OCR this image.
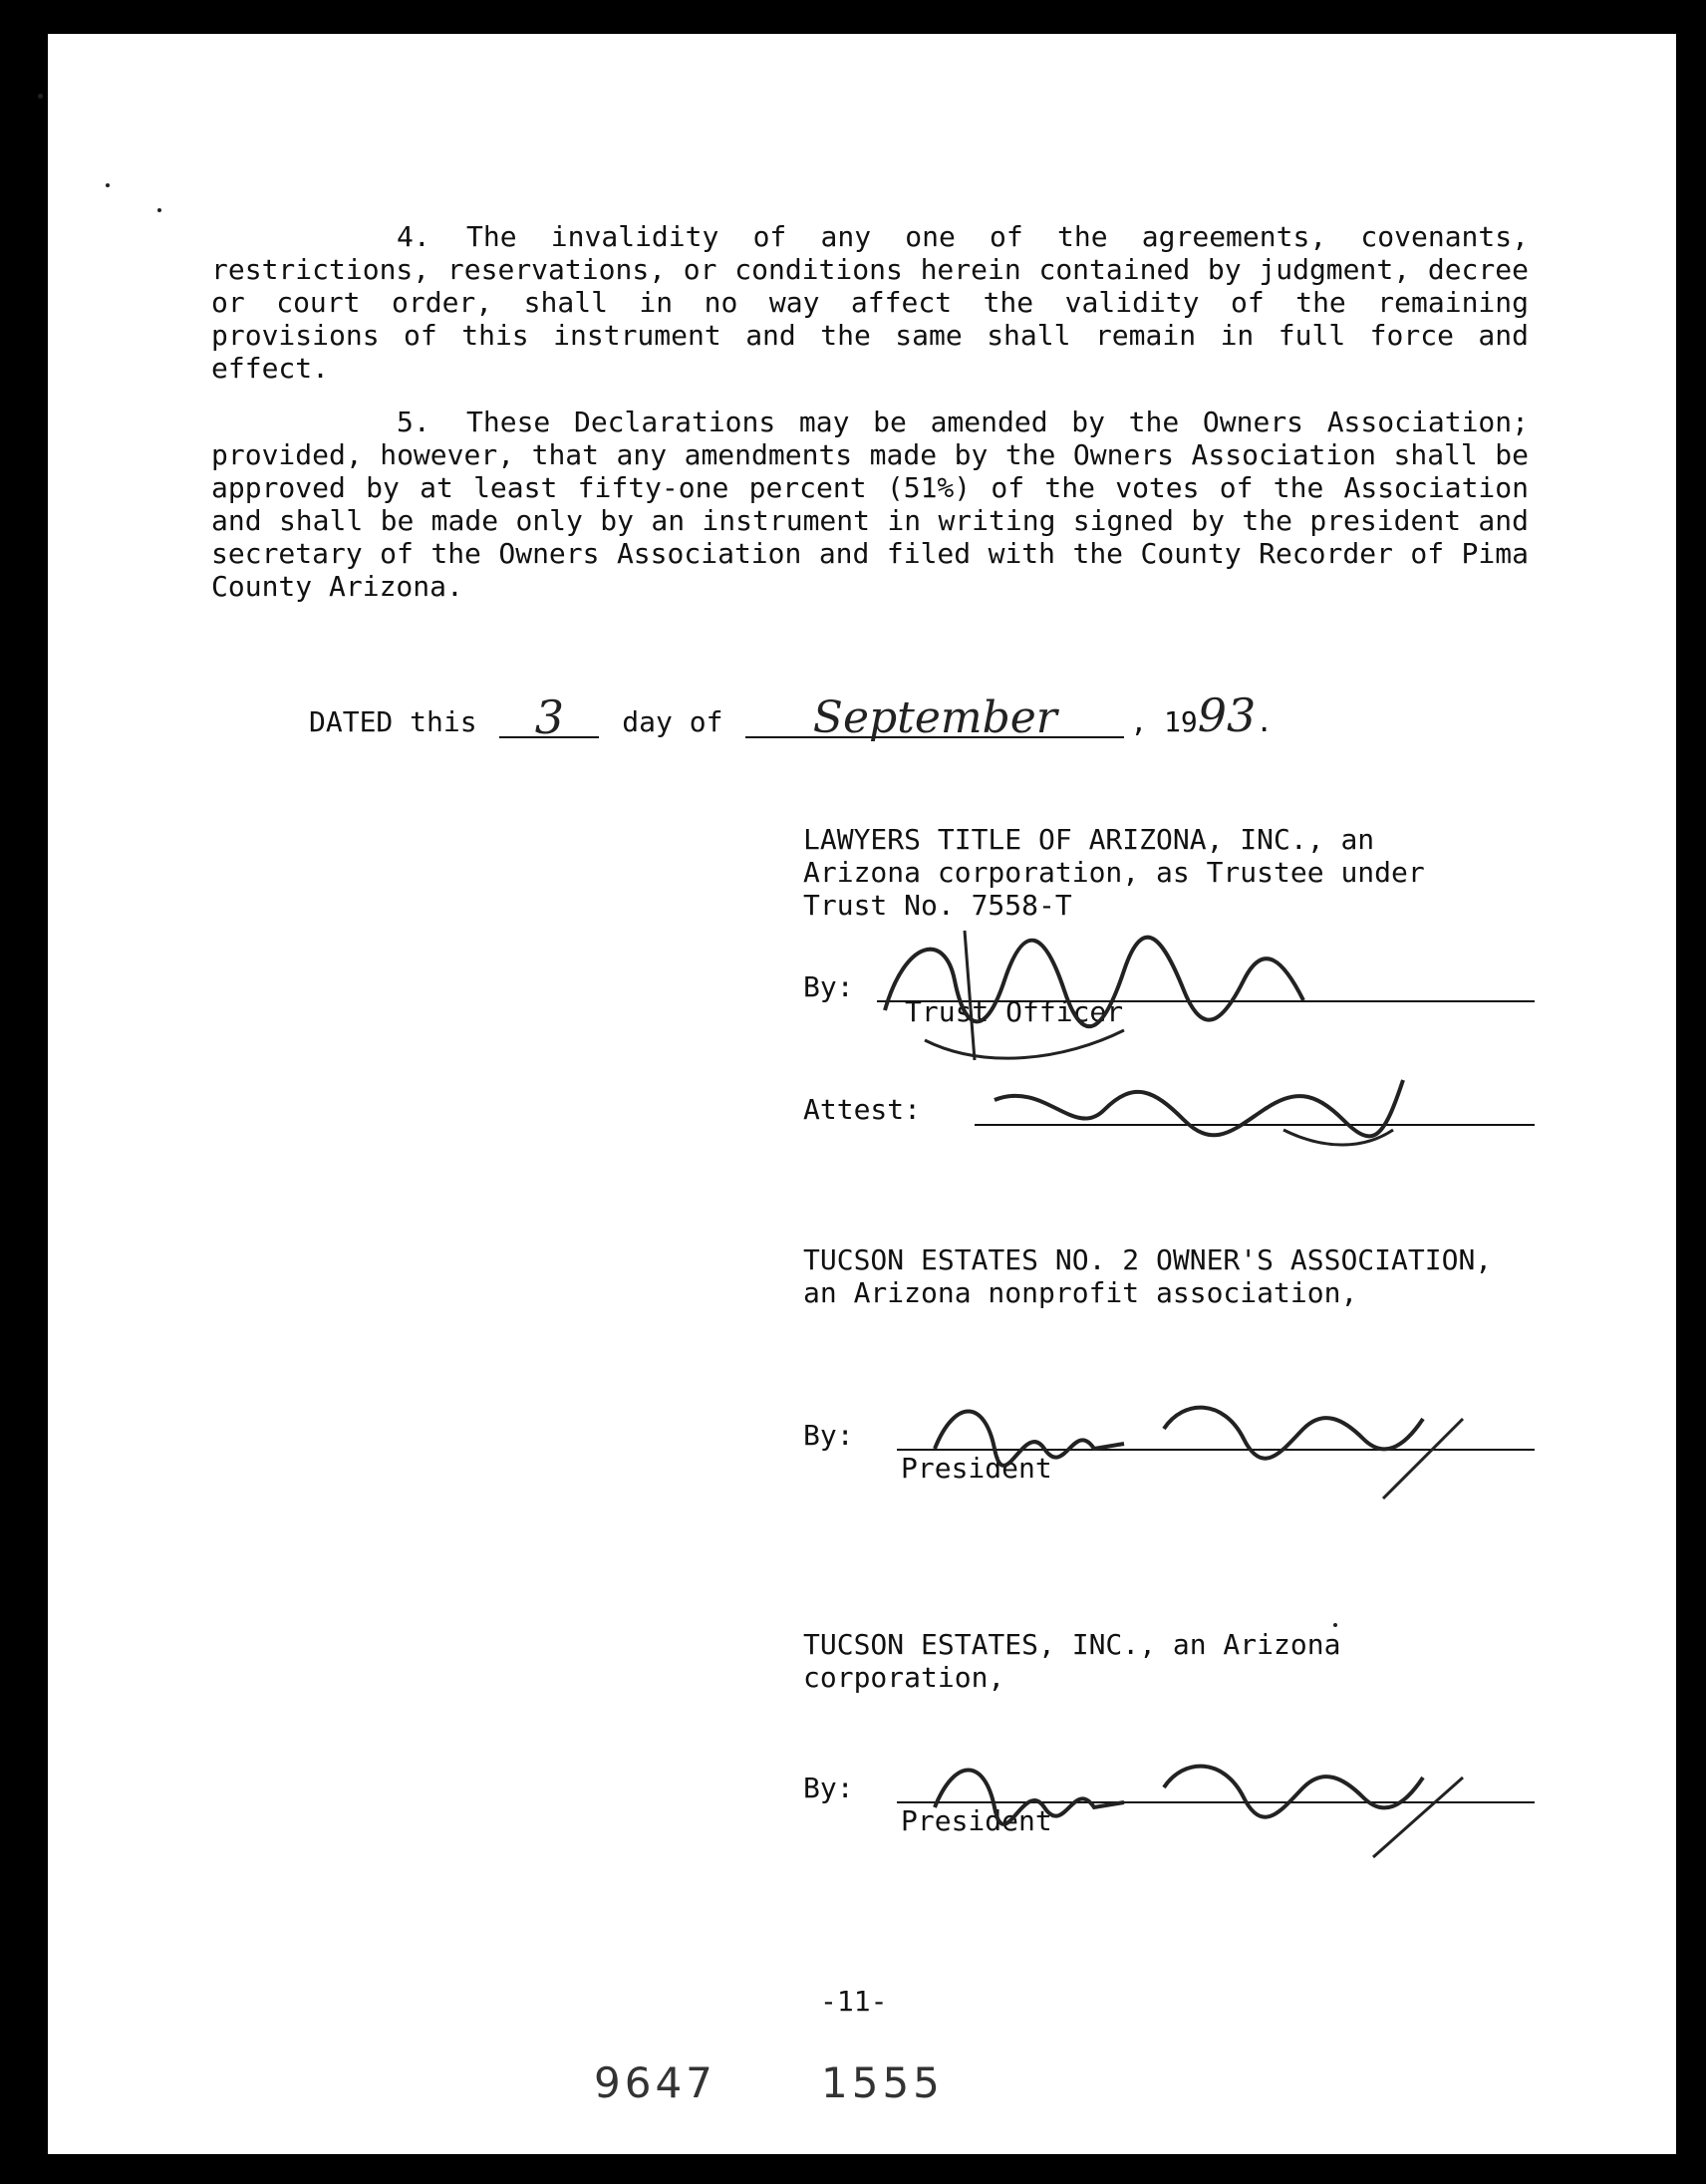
4. The invalidity of any one of the agreements, covenants, restrictions, reservations, or conditions herein contained by judgment, decree or court order, shall in no way affect the validity of the remaining provisions of this instrument and the same shall remain in full force and effect.

5. These Declarations may be amended by the Owners Association; provided, however, that any amendments made by the Owners Association shall be approved by at least fifty-one percent (51%) of the votes of the Association and shall be made only by an instrument in writing signed by the president and secretary of the Owners Association and filed with the County Recorder of Pima County Arizona.

DATED this	3	day of	September	, 1993.
LAWYERS TITLE OF ARIZONA, INC., an Arizona corporation, as Trustee under Trust No. 7558-T
By:
Trust Officer
Attest:
TUCSON ESTATES NO. 2 OWNER'S ASSOCIATION, an Arizona nonprofit association,
By:
President
TUCSON ESTATES, INC., an Arizona corporation,
By:
President
-11-
9647	1555
